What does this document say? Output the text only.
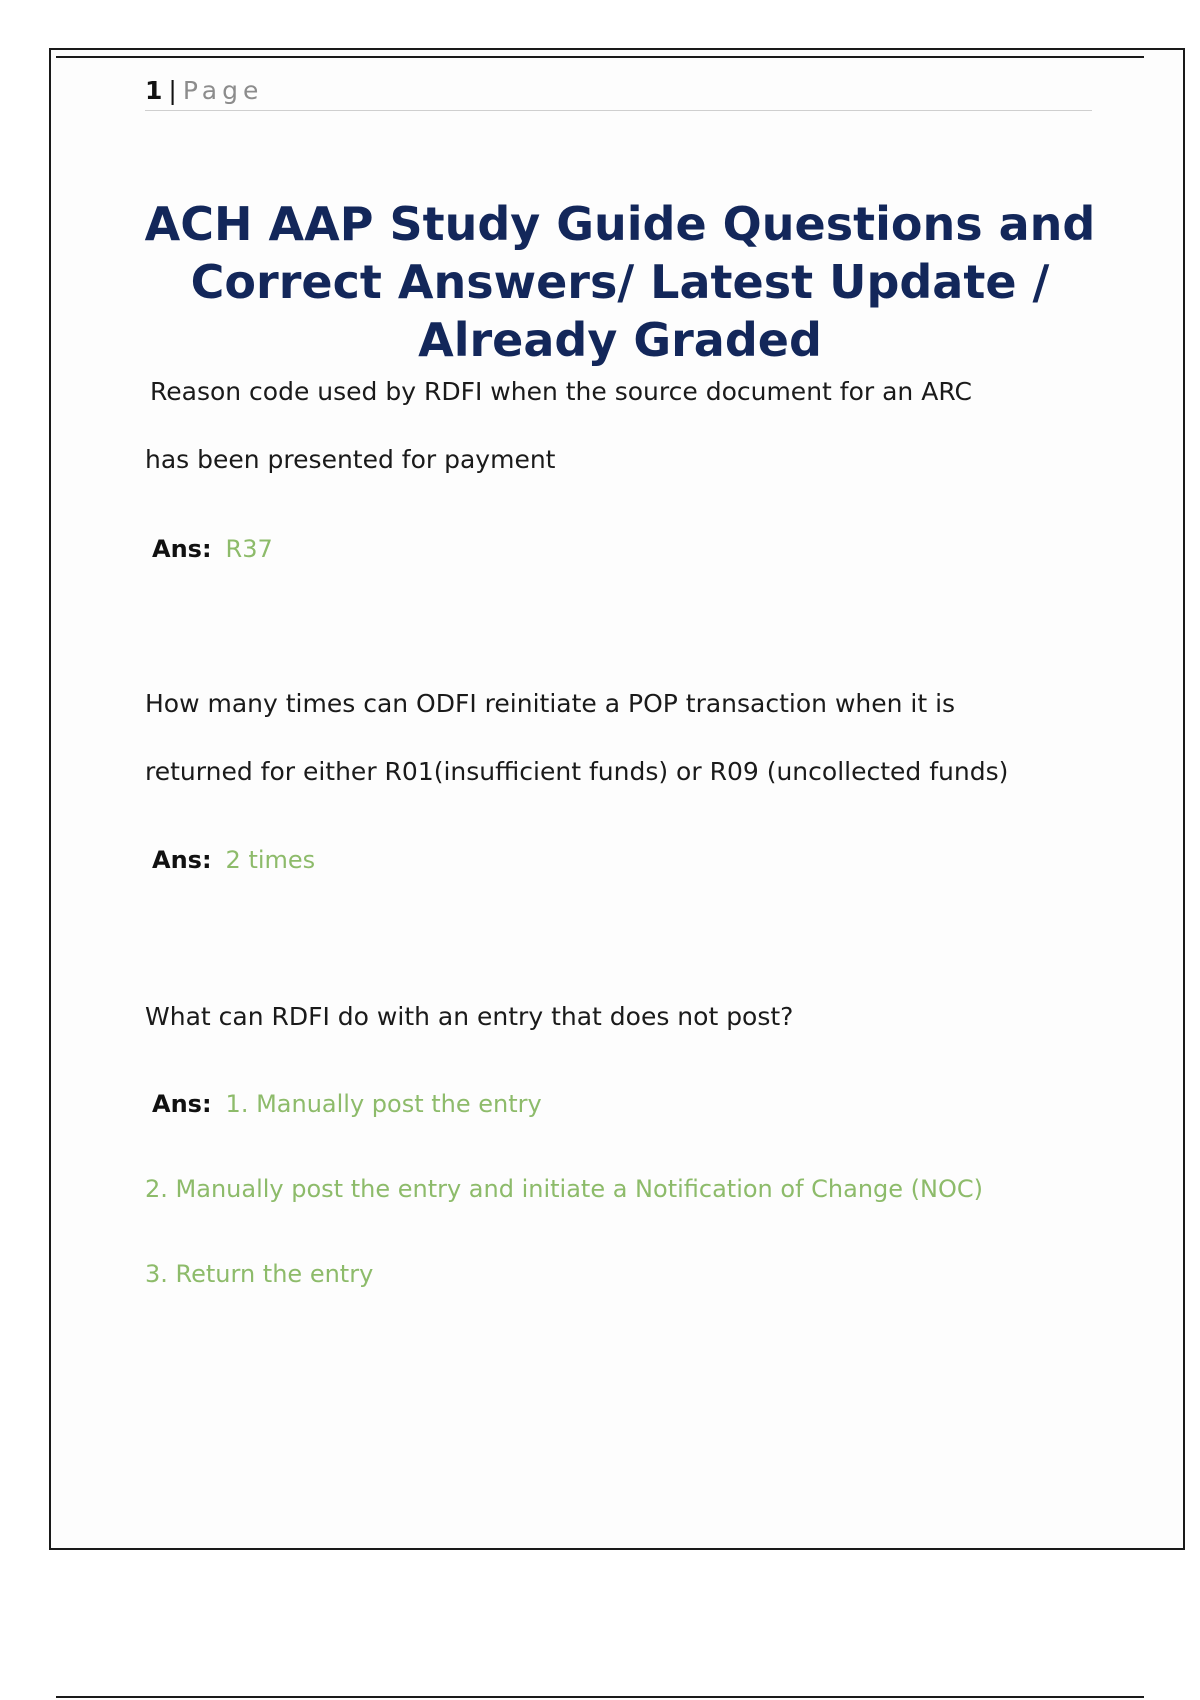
1 | Page
ACH AAP Study Guide Questions and Correct Answers/ Latest Update / Already Graded

Reason code used by RDFI when the source document for an ARC

has been presented for payment

Ans: R37

How many times can ODFI reinitiate a POP transaction when it is

returned for either R01(insufficient funds) or R09 (uncollected funds)

Ans: 2 times

What can RDFI do with an entry that does not post?

Ans: 1. Manually post the entry

2. Manually post the entry and initiate a Notification of Change (NOC)

3. Return the entry
